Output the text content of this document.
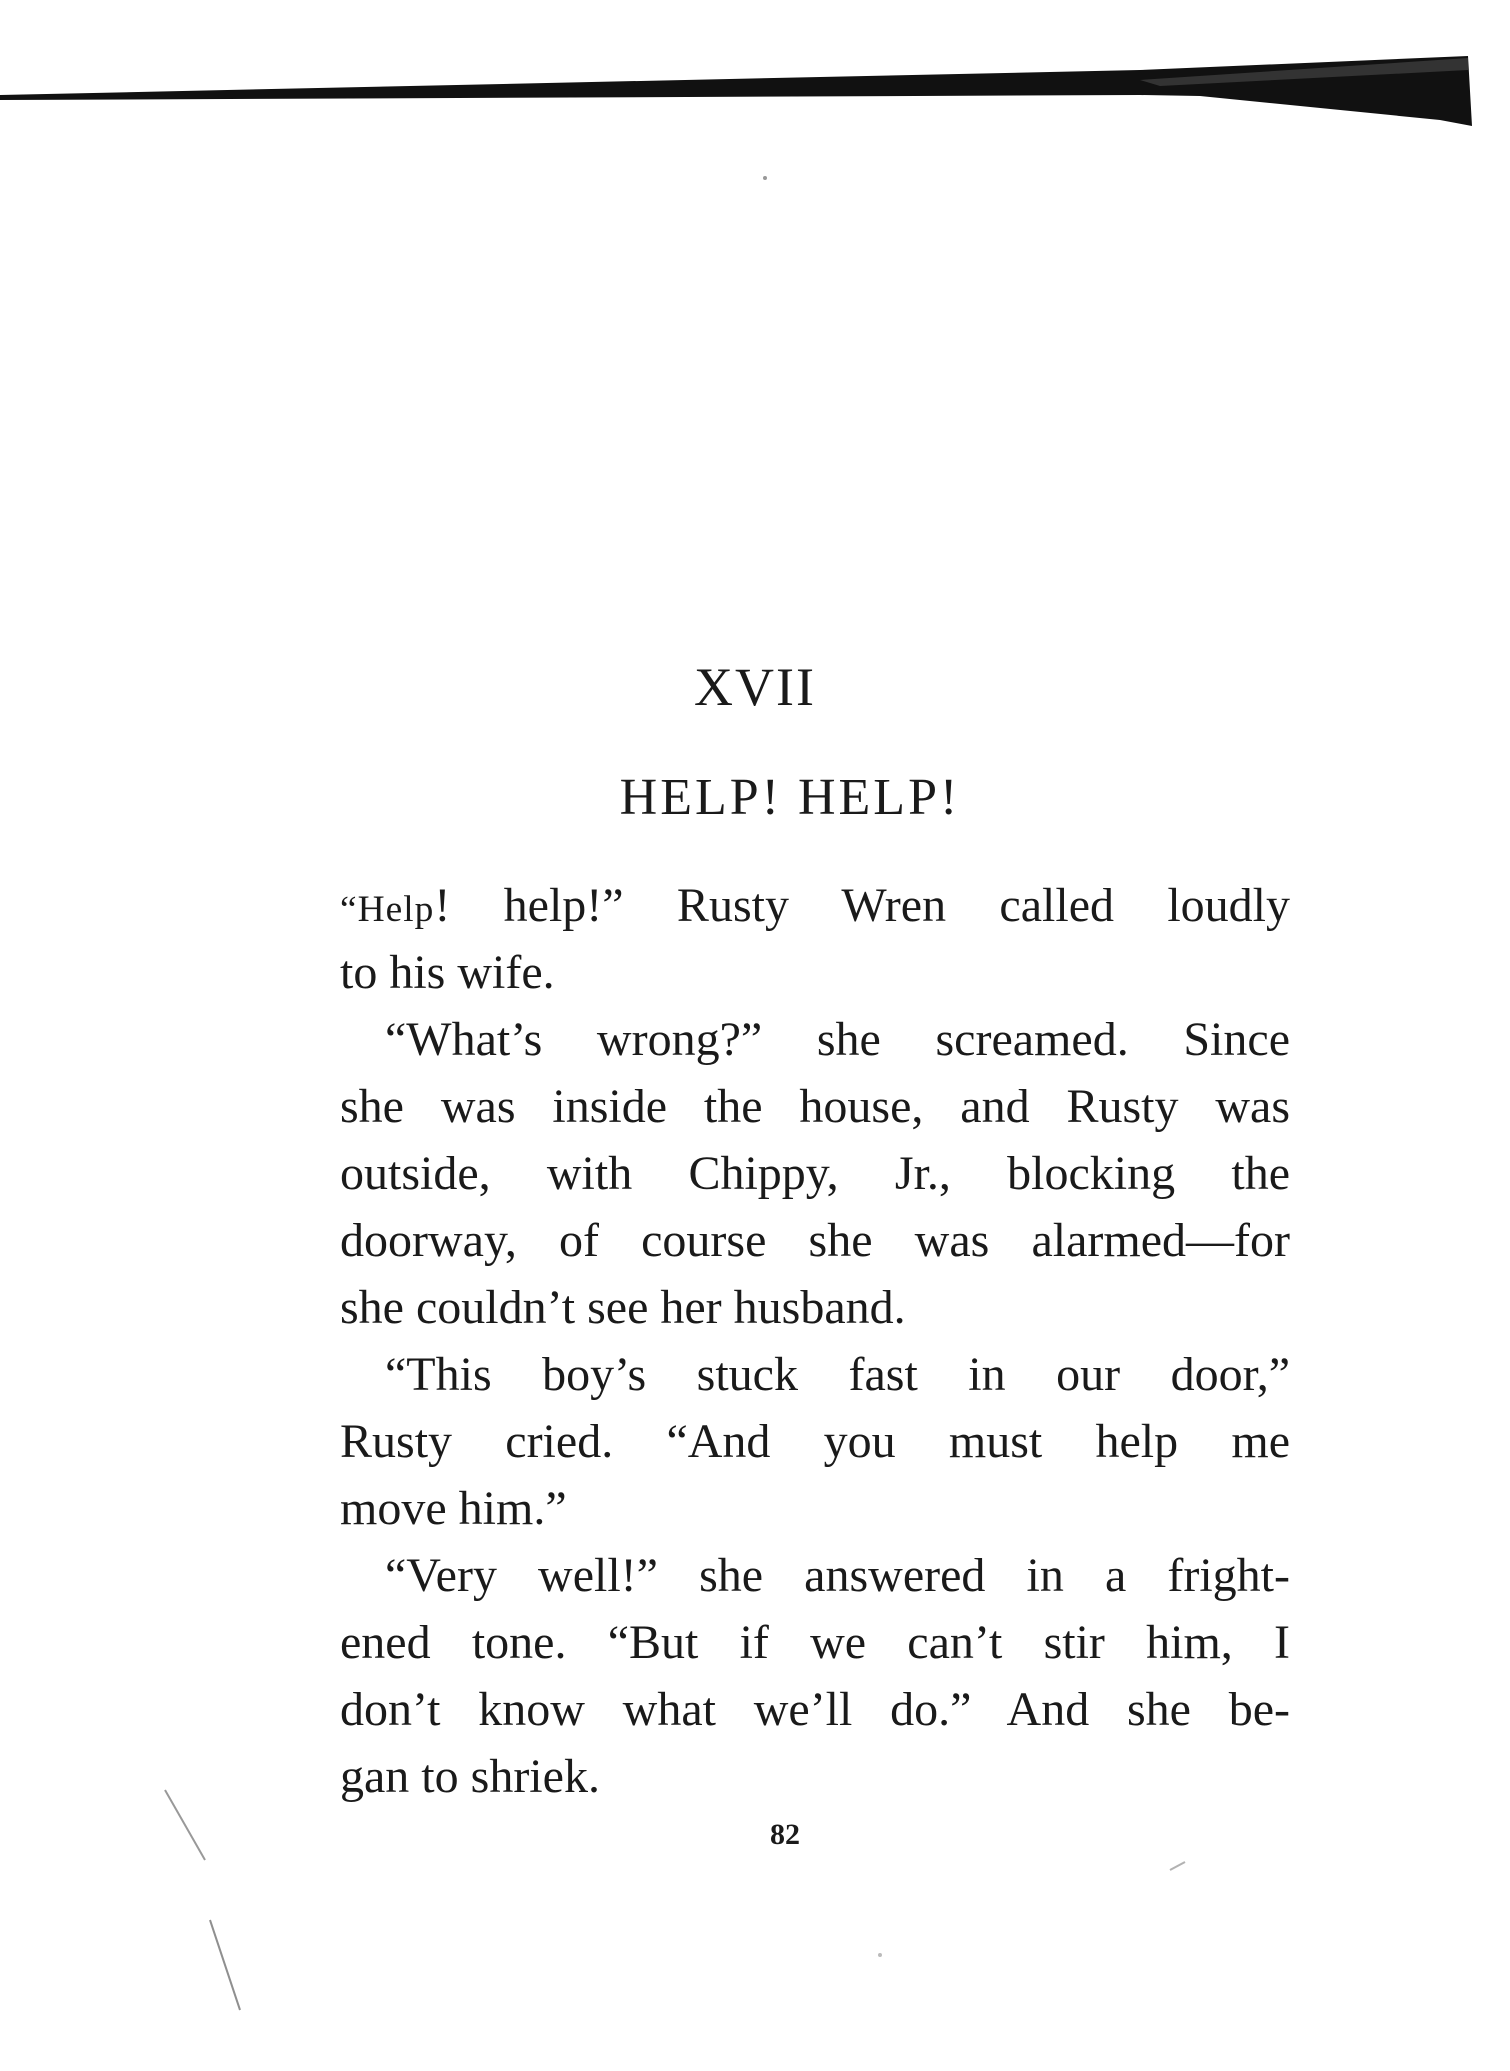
XVII
HELP! HELP!
“Help! help!” Rusty Wren called loudly
to his wife.
“What’s wrong?” she screamed. Since
she was inside the house, and Rusty was
outside, with Chippy, Jr., blocking the
doorway, of course she was alarmed—for
she couldn’t see her husband.
“This boy’s stuck fast in our door,”
Rusty cried. “And you must help me
move him.”
“Very well!” she answered in a fright-
ened tone. “But if we can’t stir him, I
don’t know what we’ll do.” And she be-
gan to shriek.
82
